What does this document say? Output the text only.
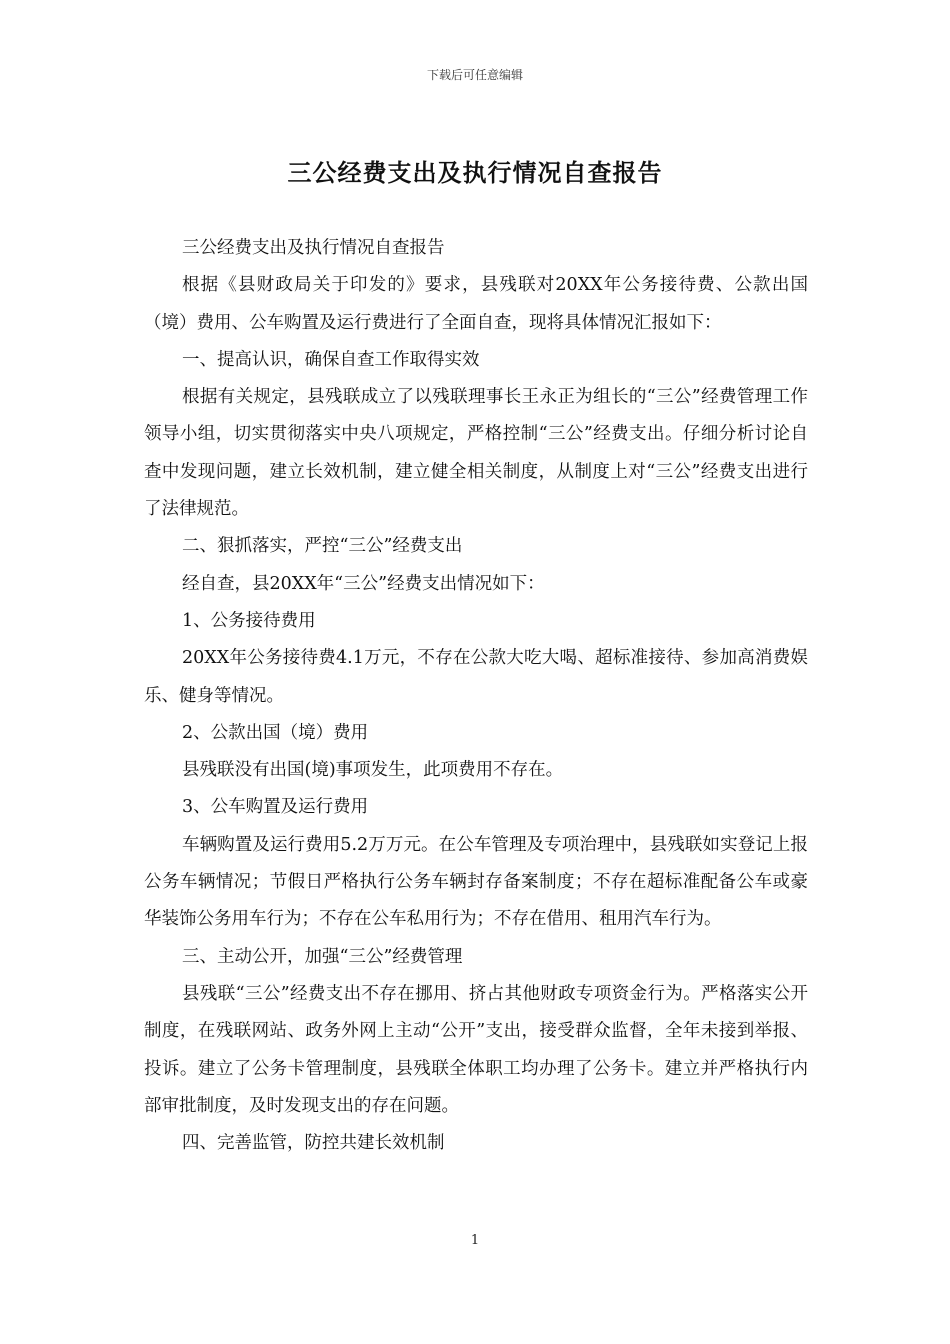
下载后可任意编辑
三公经费支出及执行情况自查报告

三公经费支出及执行情况自查报告

根据《县财政局关于印发的》要求，县残联对20XX年公务接待费、公款出国（境）费用、公车购置及运行费进行了全面自查，现将具体情况汇报如下：

一、提高认识，确保自查工作取得实效

根据有关规定，县残联成立了以残联理事长王永正为组长的“三公”经费管理工作领导小组，切实贯彻落实中央八项规定，严格控制“三公”经费支出。仔细分析讨论自查中发现问题，建立长效机制，建立健全相关制度，从制度上对“三公”经费支出进行了法律规范。

二、狠抓落实，严控“三公”经费支出

经自查，县20XX年“三公”经费支出情况如下：

1、公务接待费用

20XX年公务接待费4.1万元，不存在公款大吃大喝、超标准接待、参加高消费娱乐、健身等情况。

2、公款出国（境）费用

县残联没有出国(境)事项发生，此项费用不存在。

3、公车购置及运行费用

车辆购置及运行费用5.2万万元。在公车管理及专项治理中，县残联如实登记上报公务车辆情况；节假日严格执行公务车辆封存备案制度；不存在超标准配备公车或豪华装饰公务用车行为；不存在公车私用行为；不存在借用、租用汽车行为。

三、主动公开，加强“三公”经费管理

县残联“三公”经费支出不存在挪用、挤占其他财政专项资金行为。严格落实公开制度，在残联网站、政务外网上主动“公开”支出，接受群众监督，全年未接到举报、投诉。建立了公务卡管理制度，县残联全体职工均办理了公务卡。建立并严格执行内部审批制度，及时发现支出的存在问题。

四、完善监管，防控共建长效机制

1
